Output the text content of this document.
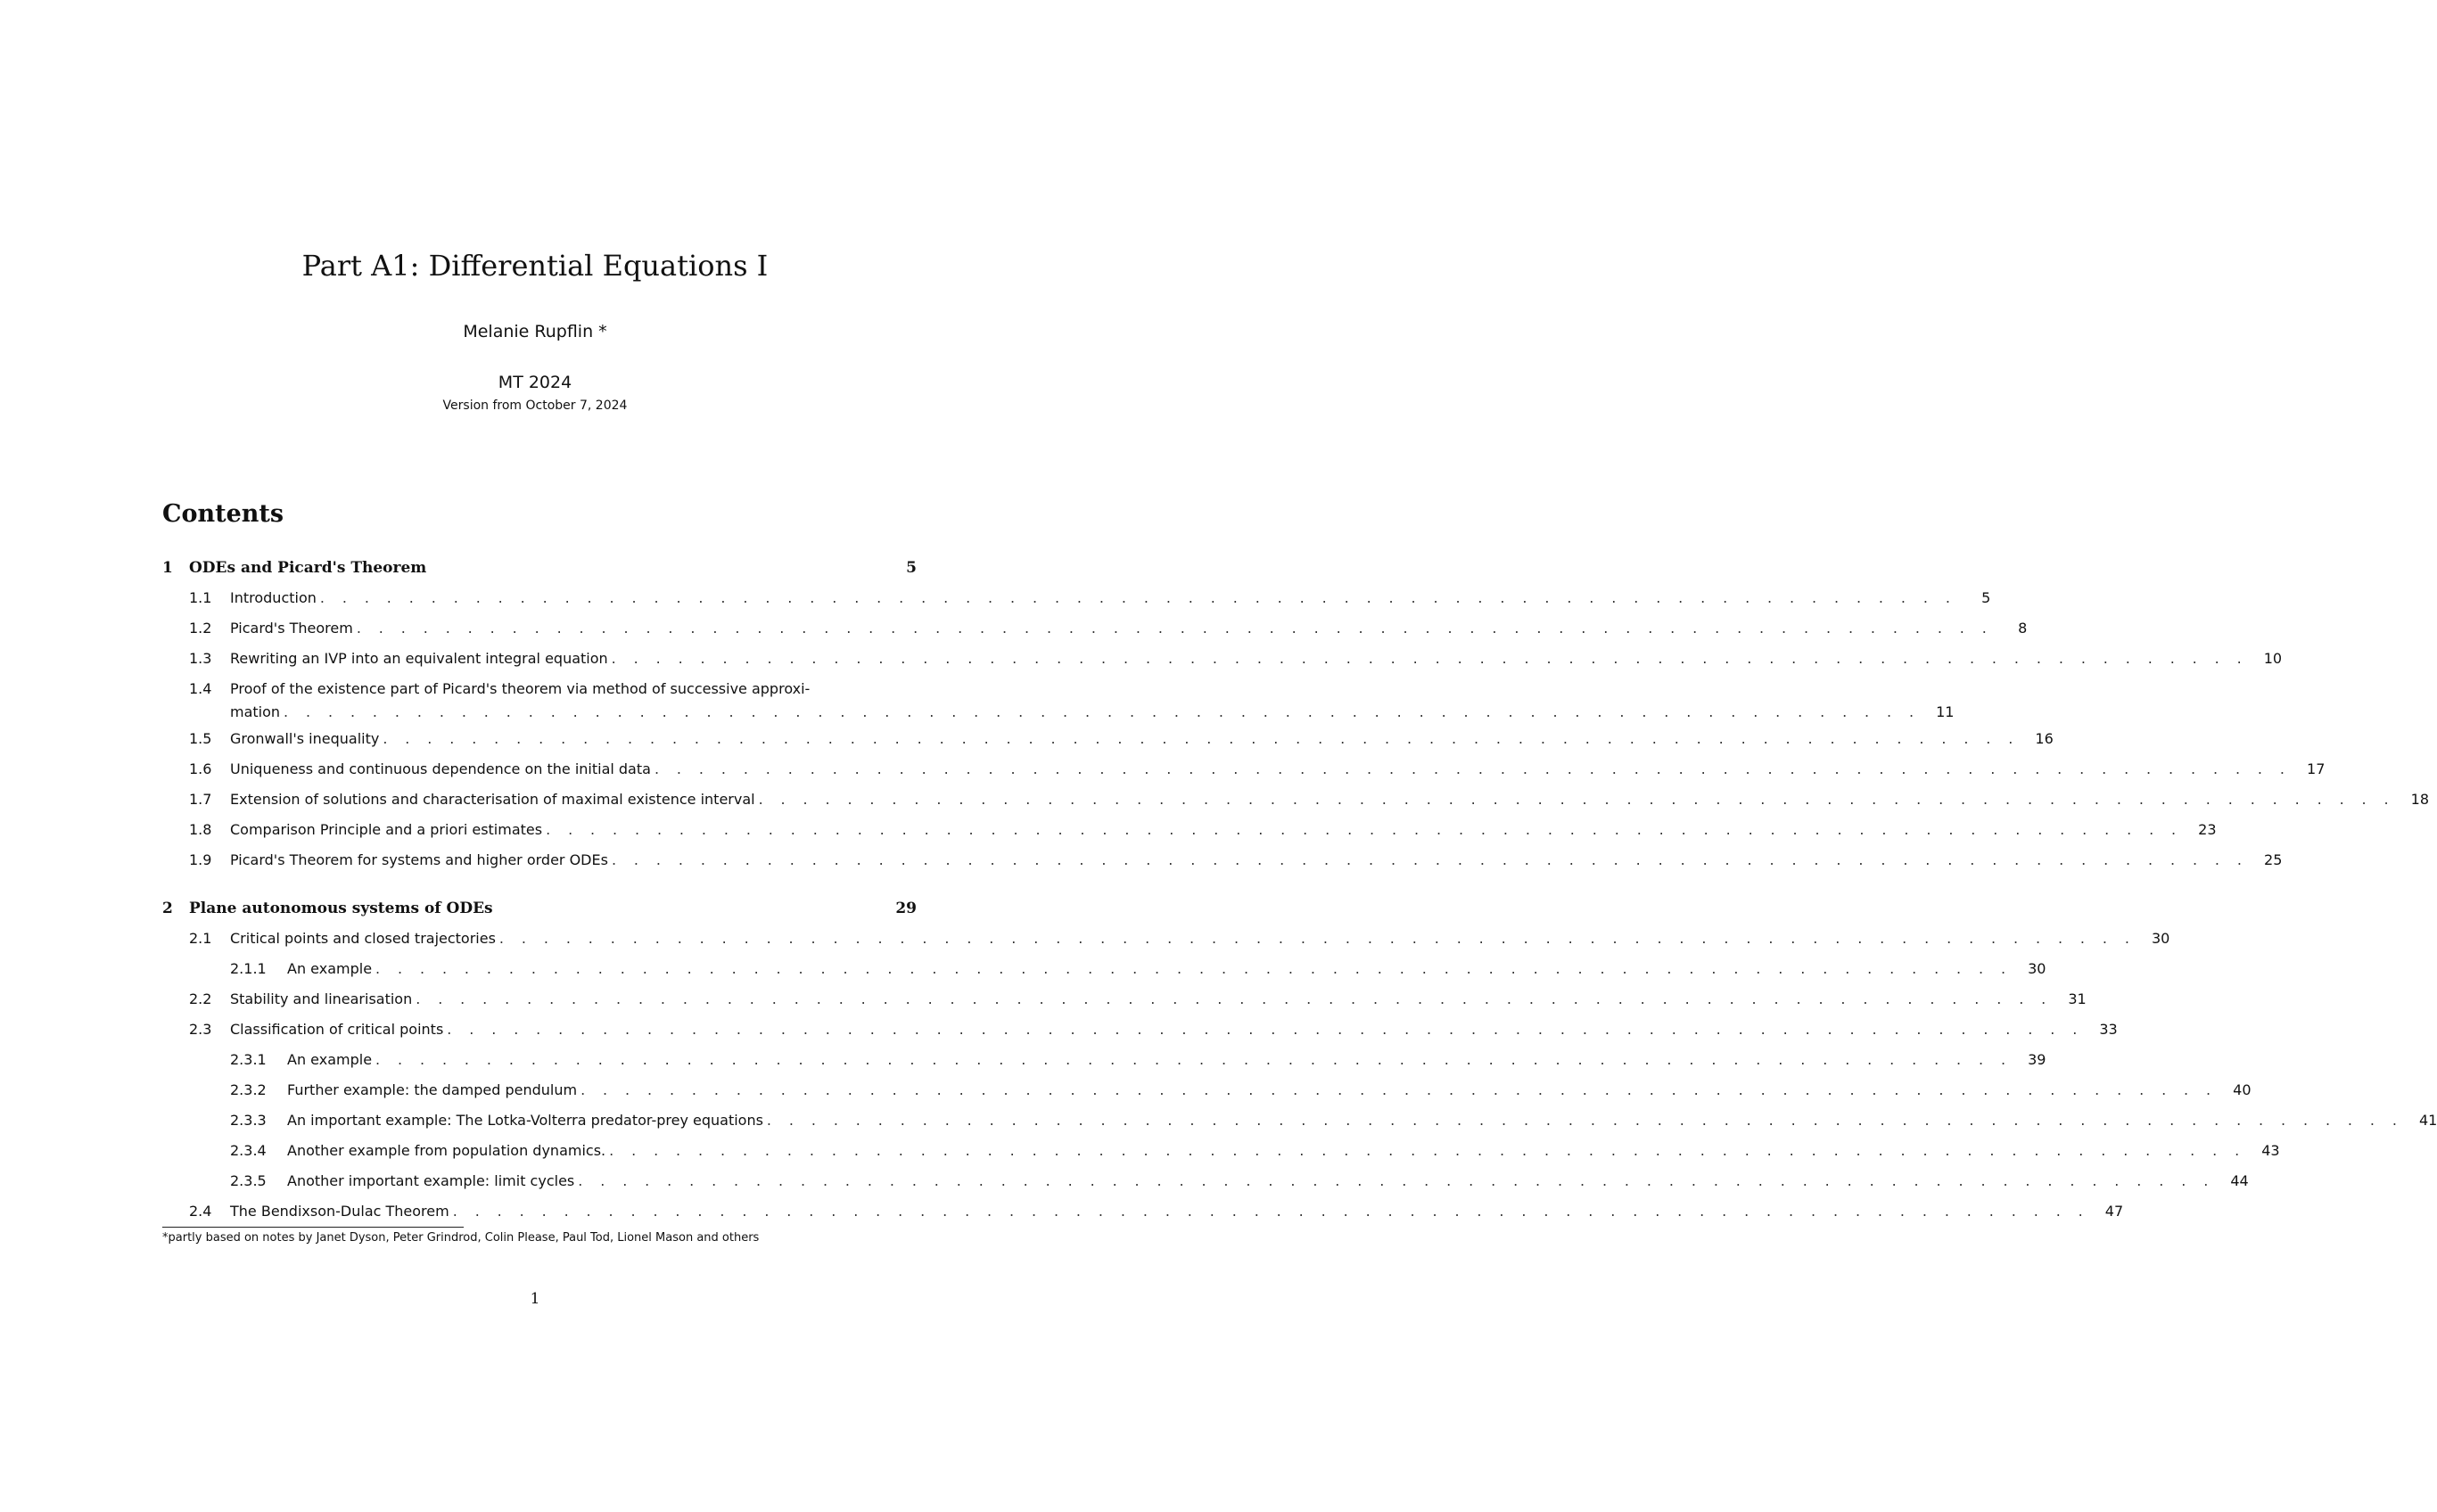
Part A1: Differential Equations I
Melanie Rupflin *
MT 2024
Version from October 7, 2024
Contents
1	ODEs and Picard's Theorem	5
1.1	Introduction . . . . . . . . . . . . . . . . . . . . . . . . . . . . . . . . . . . . . . . . . . . . . . . . . . . . . . . . . . . . . . . . . . . . . . . . . .	5
1.2	Picard's Theorem . . . . . . . . . . . . . . . . . . . . . . . . . . . . . . . . . . . . . . . . . . . . . . . . . . . . . . . . . . . . . . . . . . . . . . . . . .	8
1.3	Rewriting an IVP into an equivalent integral equation . . . . . . . . . . . . . . . . . . . . . . . . . . . . . . . . . . . . . . . . . . . . . . . . . . . . . . . . . . . . . . . . . . . . . . . . . .	10
1.4	Proof of the existence part of Picard's theorem via method of successive approxi-
mation . . . . . . . . . . . . . . . . . . . . . . . . . . . . . . . . . . . . . . . . . . . . . . . . . . . . . . . . . . . . . . . . . . . . . . . . . .	11
1.5	Gronwall's inequality . . . . . . . . . . . . . . . . . . . . . . . . . . . . . . . . . . . . . . . . . . . . . . . . . . . . . . . . . . . . . . . . . . . . . . . . . .	16
1.6	Uniqueness and continuous dependence on the initial data . . . . . . . . . . . . . . . . . . . . . . . . . . . . . . . . . . . . . . . . . . . . . . . . . . . . . . . . . . . . . . . . . . . . . . . . . .	17
1.7	Extension of solutions and characterisation of maximal existence interval . . . . . . . . . . . . . . . . . . . . . . . . . . . . . . . . . . . . . . . . . . . . . . . . . . . . . . . . . . . . . . . . . . . . . . . . . .	18
1.8	Comparison Principle and a priori estimates . . . . . . . . . . . . . . . . . . . . . . . . . . . . . . . . . . . . . . . . . . . . . . . . . . . . . . . . . . . . . . . . . . . . . . . . . .	23
1.9	Picard's Theorem for systems and higher order ODEs . . . . . . . . . . . . . . . . . . . . . . . . . . . . . . . . . . . . . . . . . . . . . . . . . . . . . . . . . . . . . . . . . . . . . . . . . .	25
2	Plane autonomous systems of ODEs	29
2.1	Critical points and closed trajectories . . . . . . . . . . . . . . . . . . . . . . . . . . . . . . . . . . . . . . . . . . . . . . . . . . . . . . . . . . . . . . . . . . . . . . . . . .	30
2.1.1	An example . . . . . . . . . . . . . . . . . . . . . . . . . . . . . . . . . . . . . . . . . . . . . . . . . . . . . . . . . . . . . . . . . . . . . . . . . .	30
2.2	Stability and linearisation . . . . . . . . . . . . . . . . . . . . . . . . . . . . . . . . . . . . . . . . . . . . . . . . . . . . . . . . . . . . . . . . . . . . . . . . . .	31
2.3	Classification of critical points . . . . . . . . . . . . . . . . . . . . . . . . . . . . . . . . . . . . . . . . . . . . . . . . . . . . . . . . . . . . . . . . . . . . . . . . . .	33
2.3.1	An example . . . . . . . . . . . . . . . . . . . . . . . . . . . . . . . . . . . . . . . . . . . . . . . . . . . . . . . . . . . . . . . . . . . . . . . . . .	39
2.3.2	Further example: the damped pendulum . . . . . . . . . . . . . . . . . . . . . . . . . . . . . . . . . . . . . . . . . . . . . . . . . . . . . . . . . . . . . . . . . . . . . . . . . .	40
2.3.3	An important example: The Lotka-Volterra predator-prey equations . . . . . . . . . . . . . . . . . . . . . . . . . . . . . . . . . . . . . . . . . . . . . . . . . . . . . . . . . . . . . . . . . . . . . . . . . .	41
2.3.4	Another example from population dynamics. . . . . . . . . . . . . . . . . . . . . . . . . . . . . . . . . . . . . . . . . . . . . . . . . . . . . . . . . . . . . . . . . . . . . . . . . . .	43
2.3.5	Another important example: limit cycles . . . . . . . . . . . . . . . . . . . . . . . . . . . . . . . . . . . . . . . . . . . . . . . . . . . . . . . . . . . . . . . . . . . . . . . . . .	44
2.4	The Bendixson-Dulac Theorem . . . . . . . . . . . . . . . . . . . . . . . . . . . . . . . . . . . . . . . . . . . . . . . . . . . . . . . . . . . . . . . . . . . . . . . . . .	47
*partly based on notes by Janet Dyson, Peter Grindrod, Colin Please, Paul Tod, Lionel Mason and others
1
